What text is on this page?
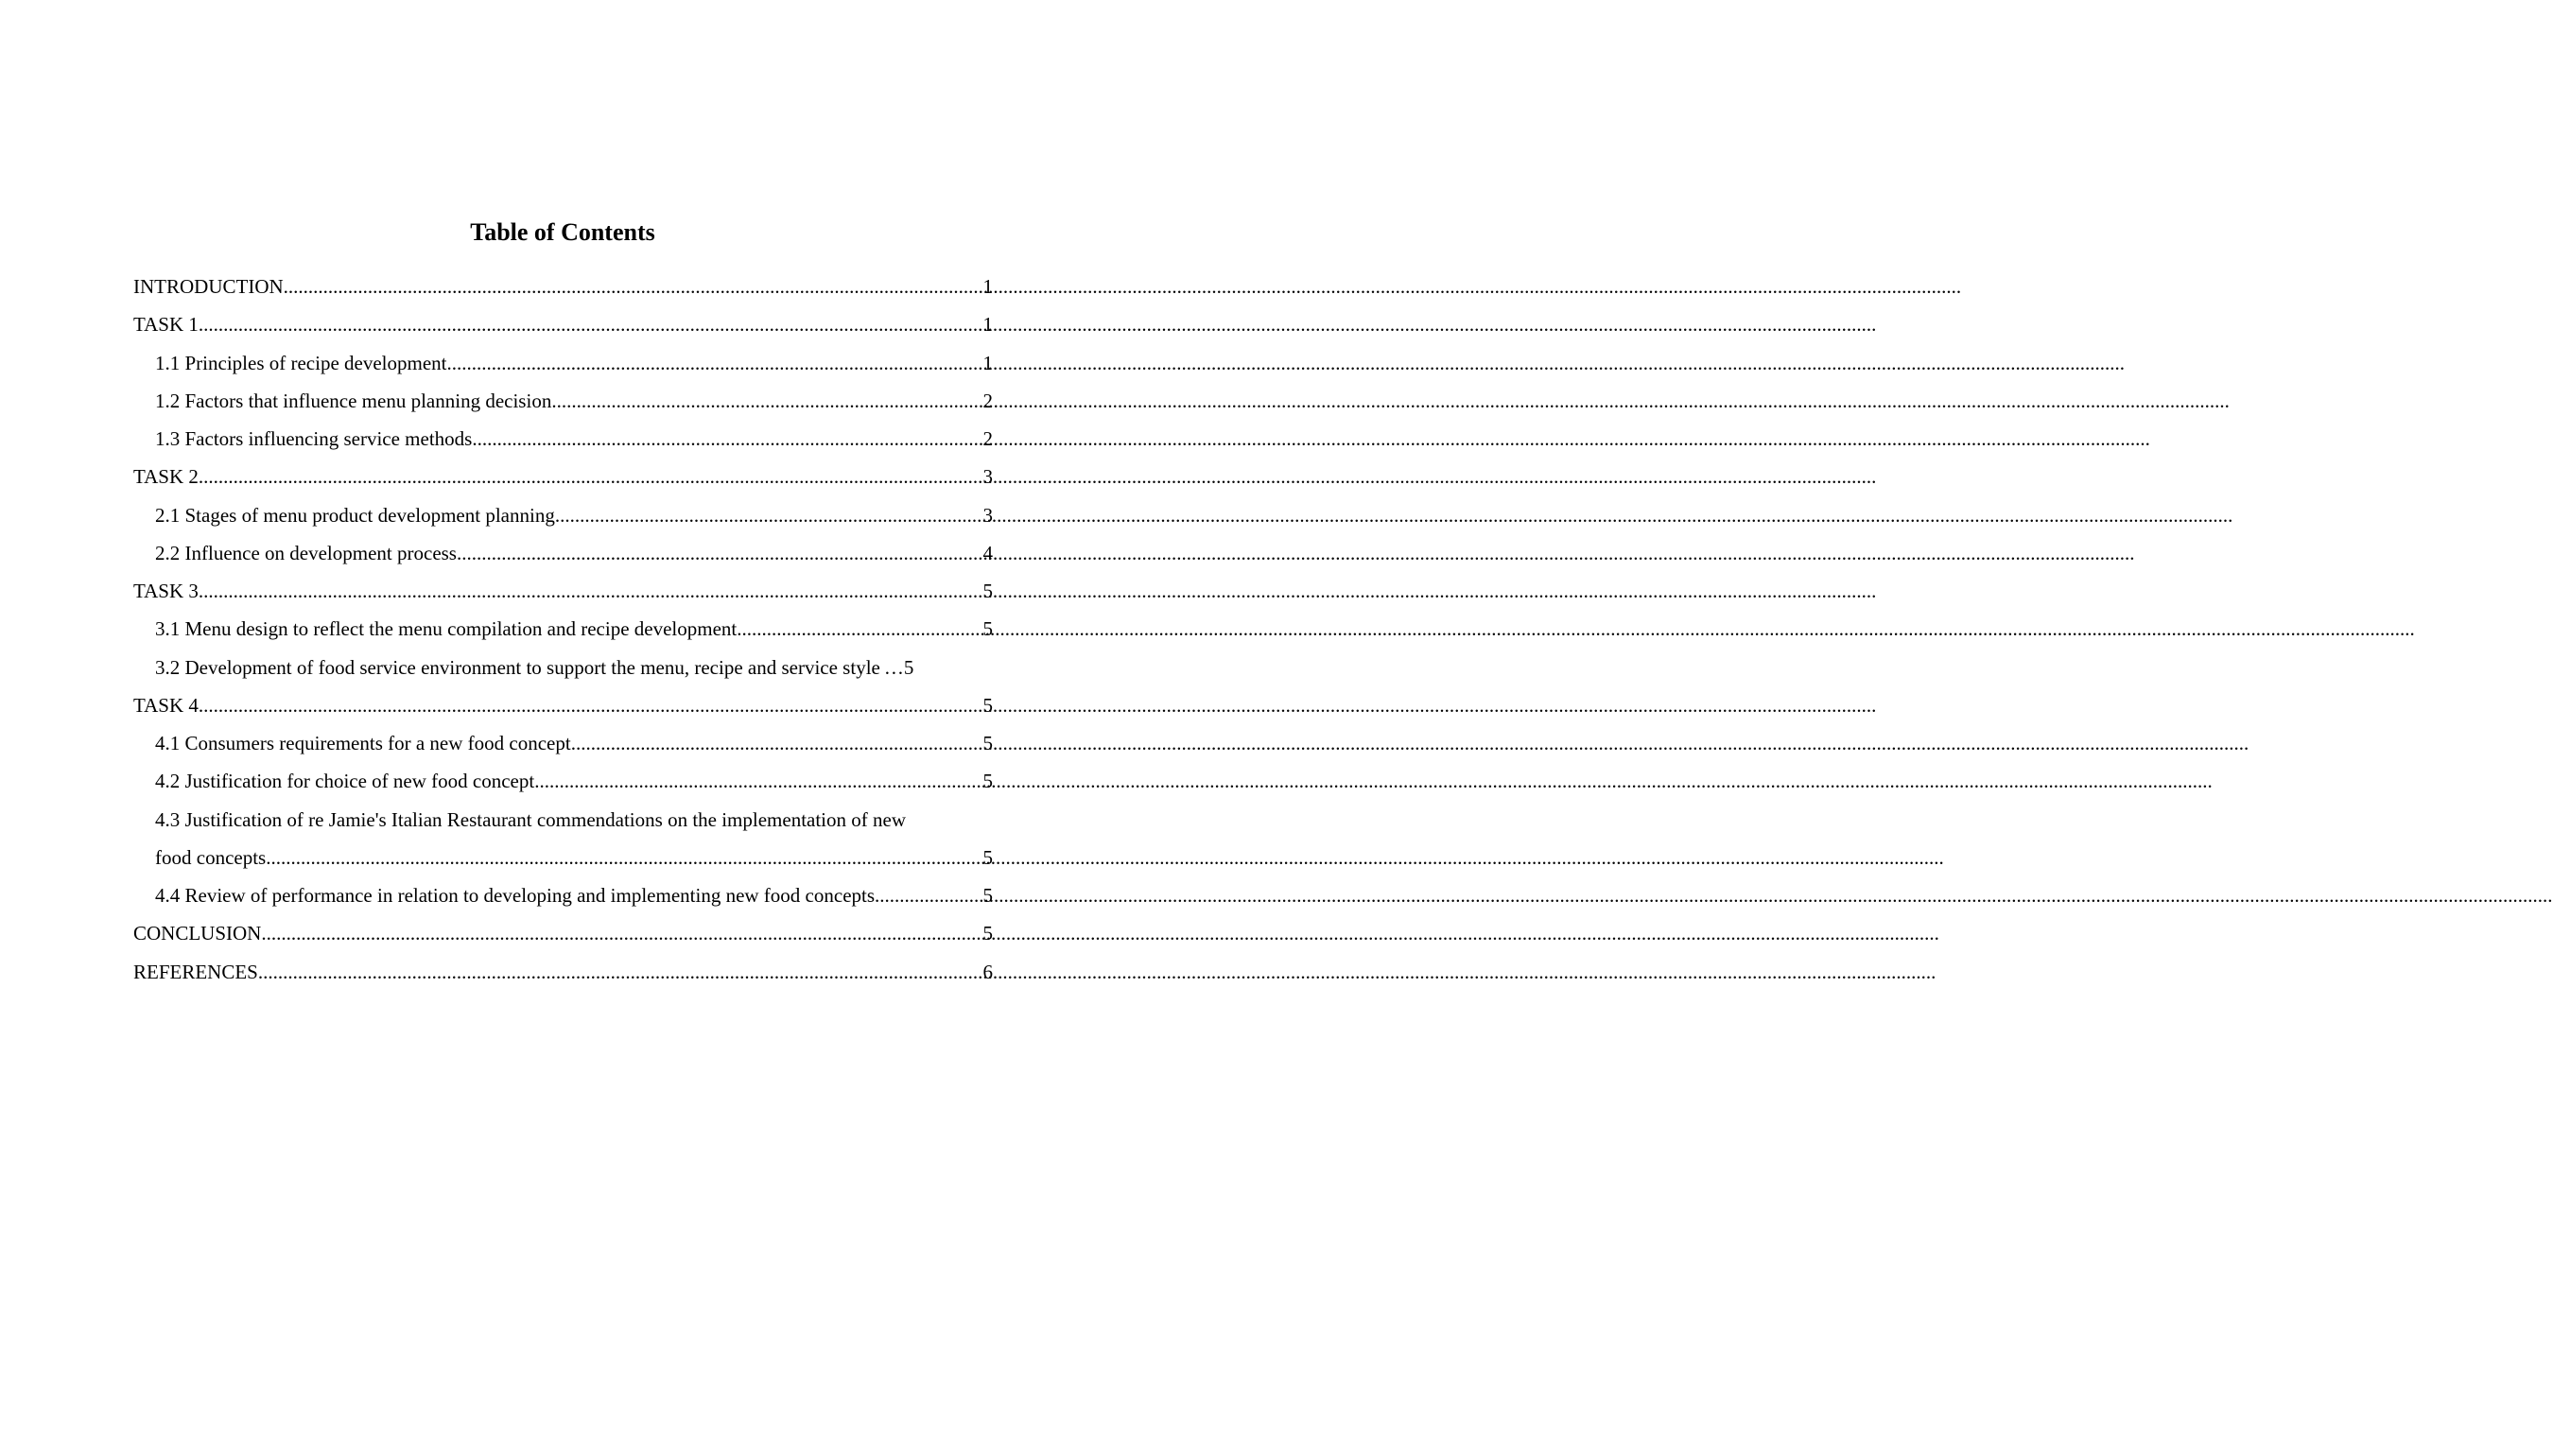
Table of Contents
INTRODUCTION .....	1
TASK 1 .....	1
1.1 Principles of recipe development .....	1
1.2 Factors that influence menu planning decision .....	2
1.3 Factors influencing service methods .....	2
TASK 2 .....	3
2.1 Stages of menu product development planning .....	3
2.2 Influence on development process .....	4
TASK 3 .....	5
3.1 Menu design to reflect the menu compilation and recipe development .....	5
3.2 Development of food service environment to support the menu, recipe and service style … 5
TASK 4 .....	5
4.1 Consumers requirements for a new food concept .....	5
4.2 Justification for choice of new food concept .....	5
4.3 Justification of re Jamie's Italian Restaurant commendations on the implementation of new
food concepts .....	5
4.4 Review of performance in relation to developing and implementing new food concepts .....	5
CONCLUSION .....	5
REFERENCES .....	6
